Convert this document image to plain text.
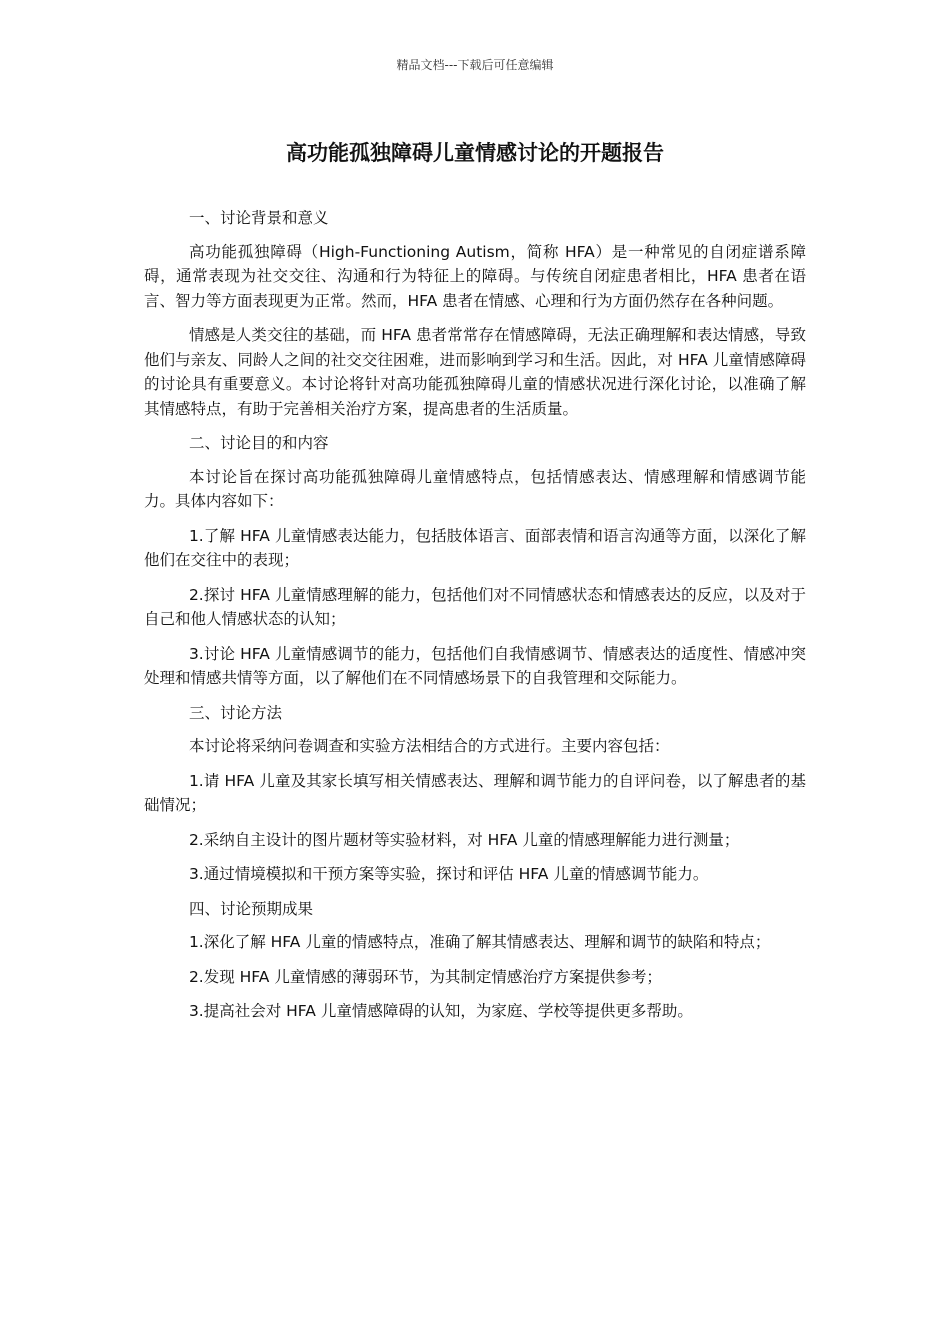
精品文档---下载后可任意编辑
高功能孤独障碍儿童情感讨论的开题报告

一、讨论背景和意义

高功能孤独障碍（High-Functioning Autism，简称 HFA）是一种常见的自闭症谱系障碍，通常表现为社交交往、沟通和行为特征上的障碍。与传统自闭症患者相比，HFA 患者在语言、智力等方面表现更为正常。然而，HFA 患者在情感、心理和行为方面仍然存在各种问题。

情感是人类交往的基础，而 HFA 患者常常存在情感障碍，无法正确理解和表达情感，导致他们与亲友、同龄人之间的社交交往困难，进而影响到学习和生活。因此，对 HFA 儿童情感障碍的讨论具有重要意义。本讨论将针对高功能孤独障碍儿童的情感状况进行深化讨论，以准确了解其情感特点，有助于完善相关治疗方案，提高患者的生活质量。

二、讨论目的和内容

本讨论旨在探讨高功能孤独障碍儿童情感特点，包括情感表达、情感理解和情感调节能力。具体内容如下：

1.了解 HFA 儿童情感表达能力，包括肢体语言、面部表情和语言沟通等方面，以深化了解他们在交往中的表现；

2.探讨 HFA 儿童情感理解的能力，包括他们对不同情感状态和情感表达的反应，以及对于自己和他人情感状态的认知；

3.讨论 HFA 儿童情感调节的能力，包括他们自我情感调节、情感表达的适度性、情感冲突处理和情感共情等方面，以了解他们在不同情感场景下的自我管理和交际能力。

三、讨论方法

本讨论将采纳问卷调查和实验方法相结合的方式进行。主要内容包括：

1.请 HFA 儿童及其家长填写相关情感表达、理解和调节能力的自评问卷，以了解患者的基础情况；

2.采纳自主设计的图片题材等实验材料，对 HFA 儿童的情感理解能力进行测量；

3.通过情境模拟和干预方案等实验，探讨和评估 HFA 儿童的情感调节能力。

四、讨论预期成果

1.深化了解 HFA 儿童的情感特点，准确了解其情感表达、理解和调节的缺陷和特点；

2.发现 HFA 儿童情感的薄弱环节，为其制定情感治疗方案提供参考；

3.提高社会对 HFA 儿童情感障碍的认知，为家庭、学校等提供更多帮助。
